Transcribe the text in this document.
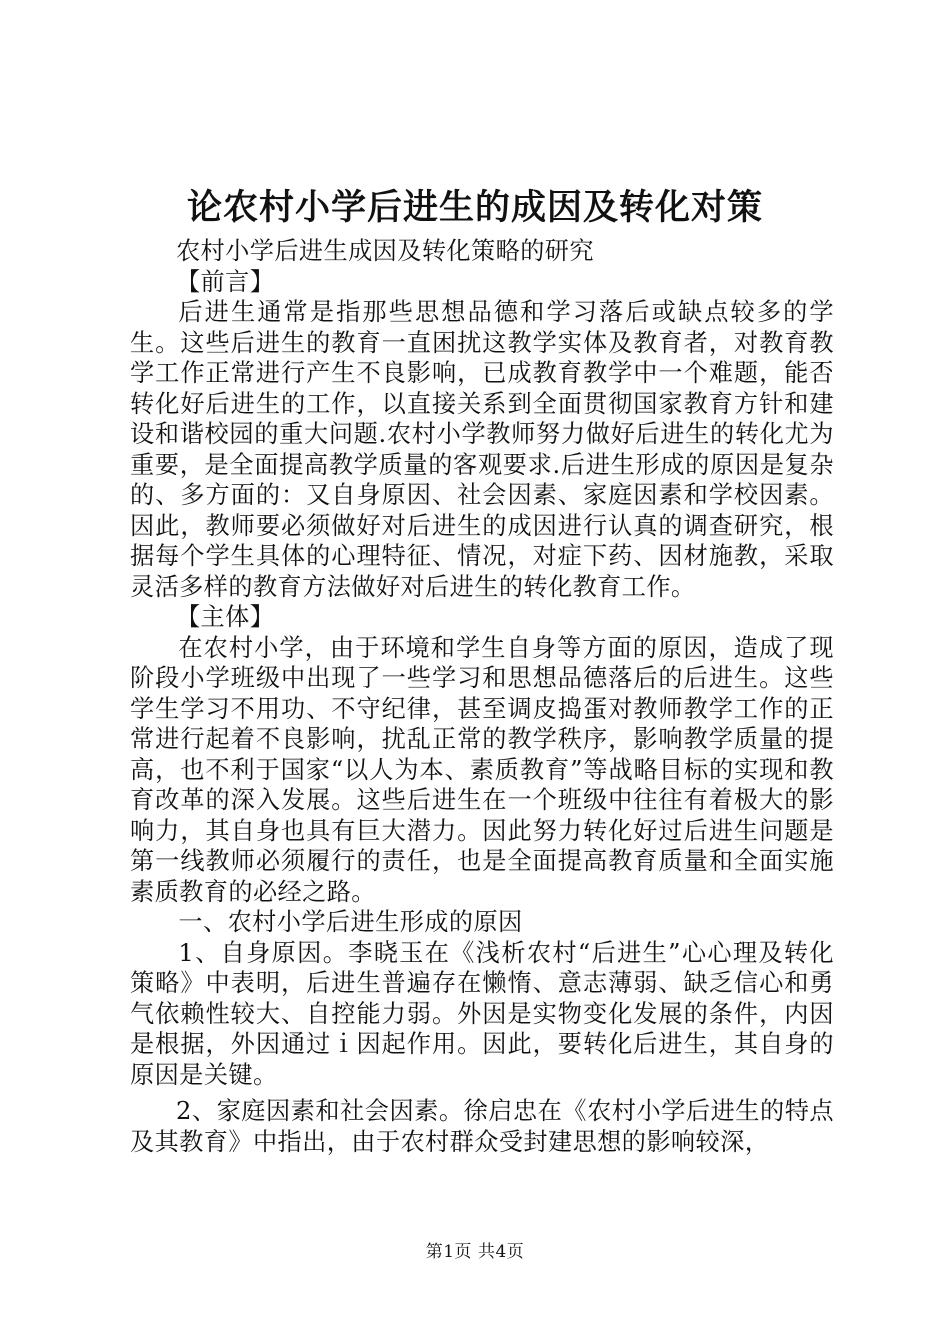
论农村小学后进生的成因及转化对策

农村小学后进生成因及转化策略的研究

【前言】

后进生通常是指那些思想品德和学习落后或缺点较多的学生。这些后进生的教育一直困扰这教学实体及教育者，对教育教学工作正常进行产生不良影响，已成教育教学中一个难题，能否转化好后进生的工作，以直接关系到全面贯彻国家教育方针和建设和谐校园的重大问题.农村小学教师努力做好后进生的转化尤为重要，是全面提高教学质量的客观要求.后进生形成的原因是复杂的、多方面的：又自身原因、社会因素、家庭因素和学校因素。因此，教师要必须做好对后进生的成因进行认真的调查研究，根据每个学生具体的心理特征、情况，对症下药、因材施教，采取灵活多样的教育方法做好对后进生的转化教育工作。

【主体】

在农村小学，由于环境和学生自身等方面的原因，造成了现阶段小学班级中出现了一些学习和思想品德落后的后进生。这些学生学习不用功、不守纪律，甚至调皮捣蛋对教师教学工作的正常进行起着不良影响，扰乱正常的教学秩序，影响教学质量的提高，也不利于国家“以人为本、素质教育”等战略目标的实现和教育改革的深入发展。这些后进生在一个班级中往往有着极大的影响力，其自身也具有巨大潜力。因此努力转化好过后进生问题是第一线教师必须履行的责任，也是全面提高教育质量和全面实施素质教育的必经之路。

一、农村小学后进生形成的原因

1、自身原因。李晓玉在《浅析农村“后进生”心心理及转化策略》中表明，后进生普遍存在懒惰、意志薄弱、缺乏信心和勇气依赖性较大、自控能力弱。外因是实物变化发展的条件，内因是根据，外因通过ｉ因起作用。因此，要转化后进生，其自身的原因是关键。

2、家庭因素和社会因素。徐启忠在《农村小学后进生的特点及其教育》中指出，由于农村群众受封建思想的影响较深，

第1页 共4页
